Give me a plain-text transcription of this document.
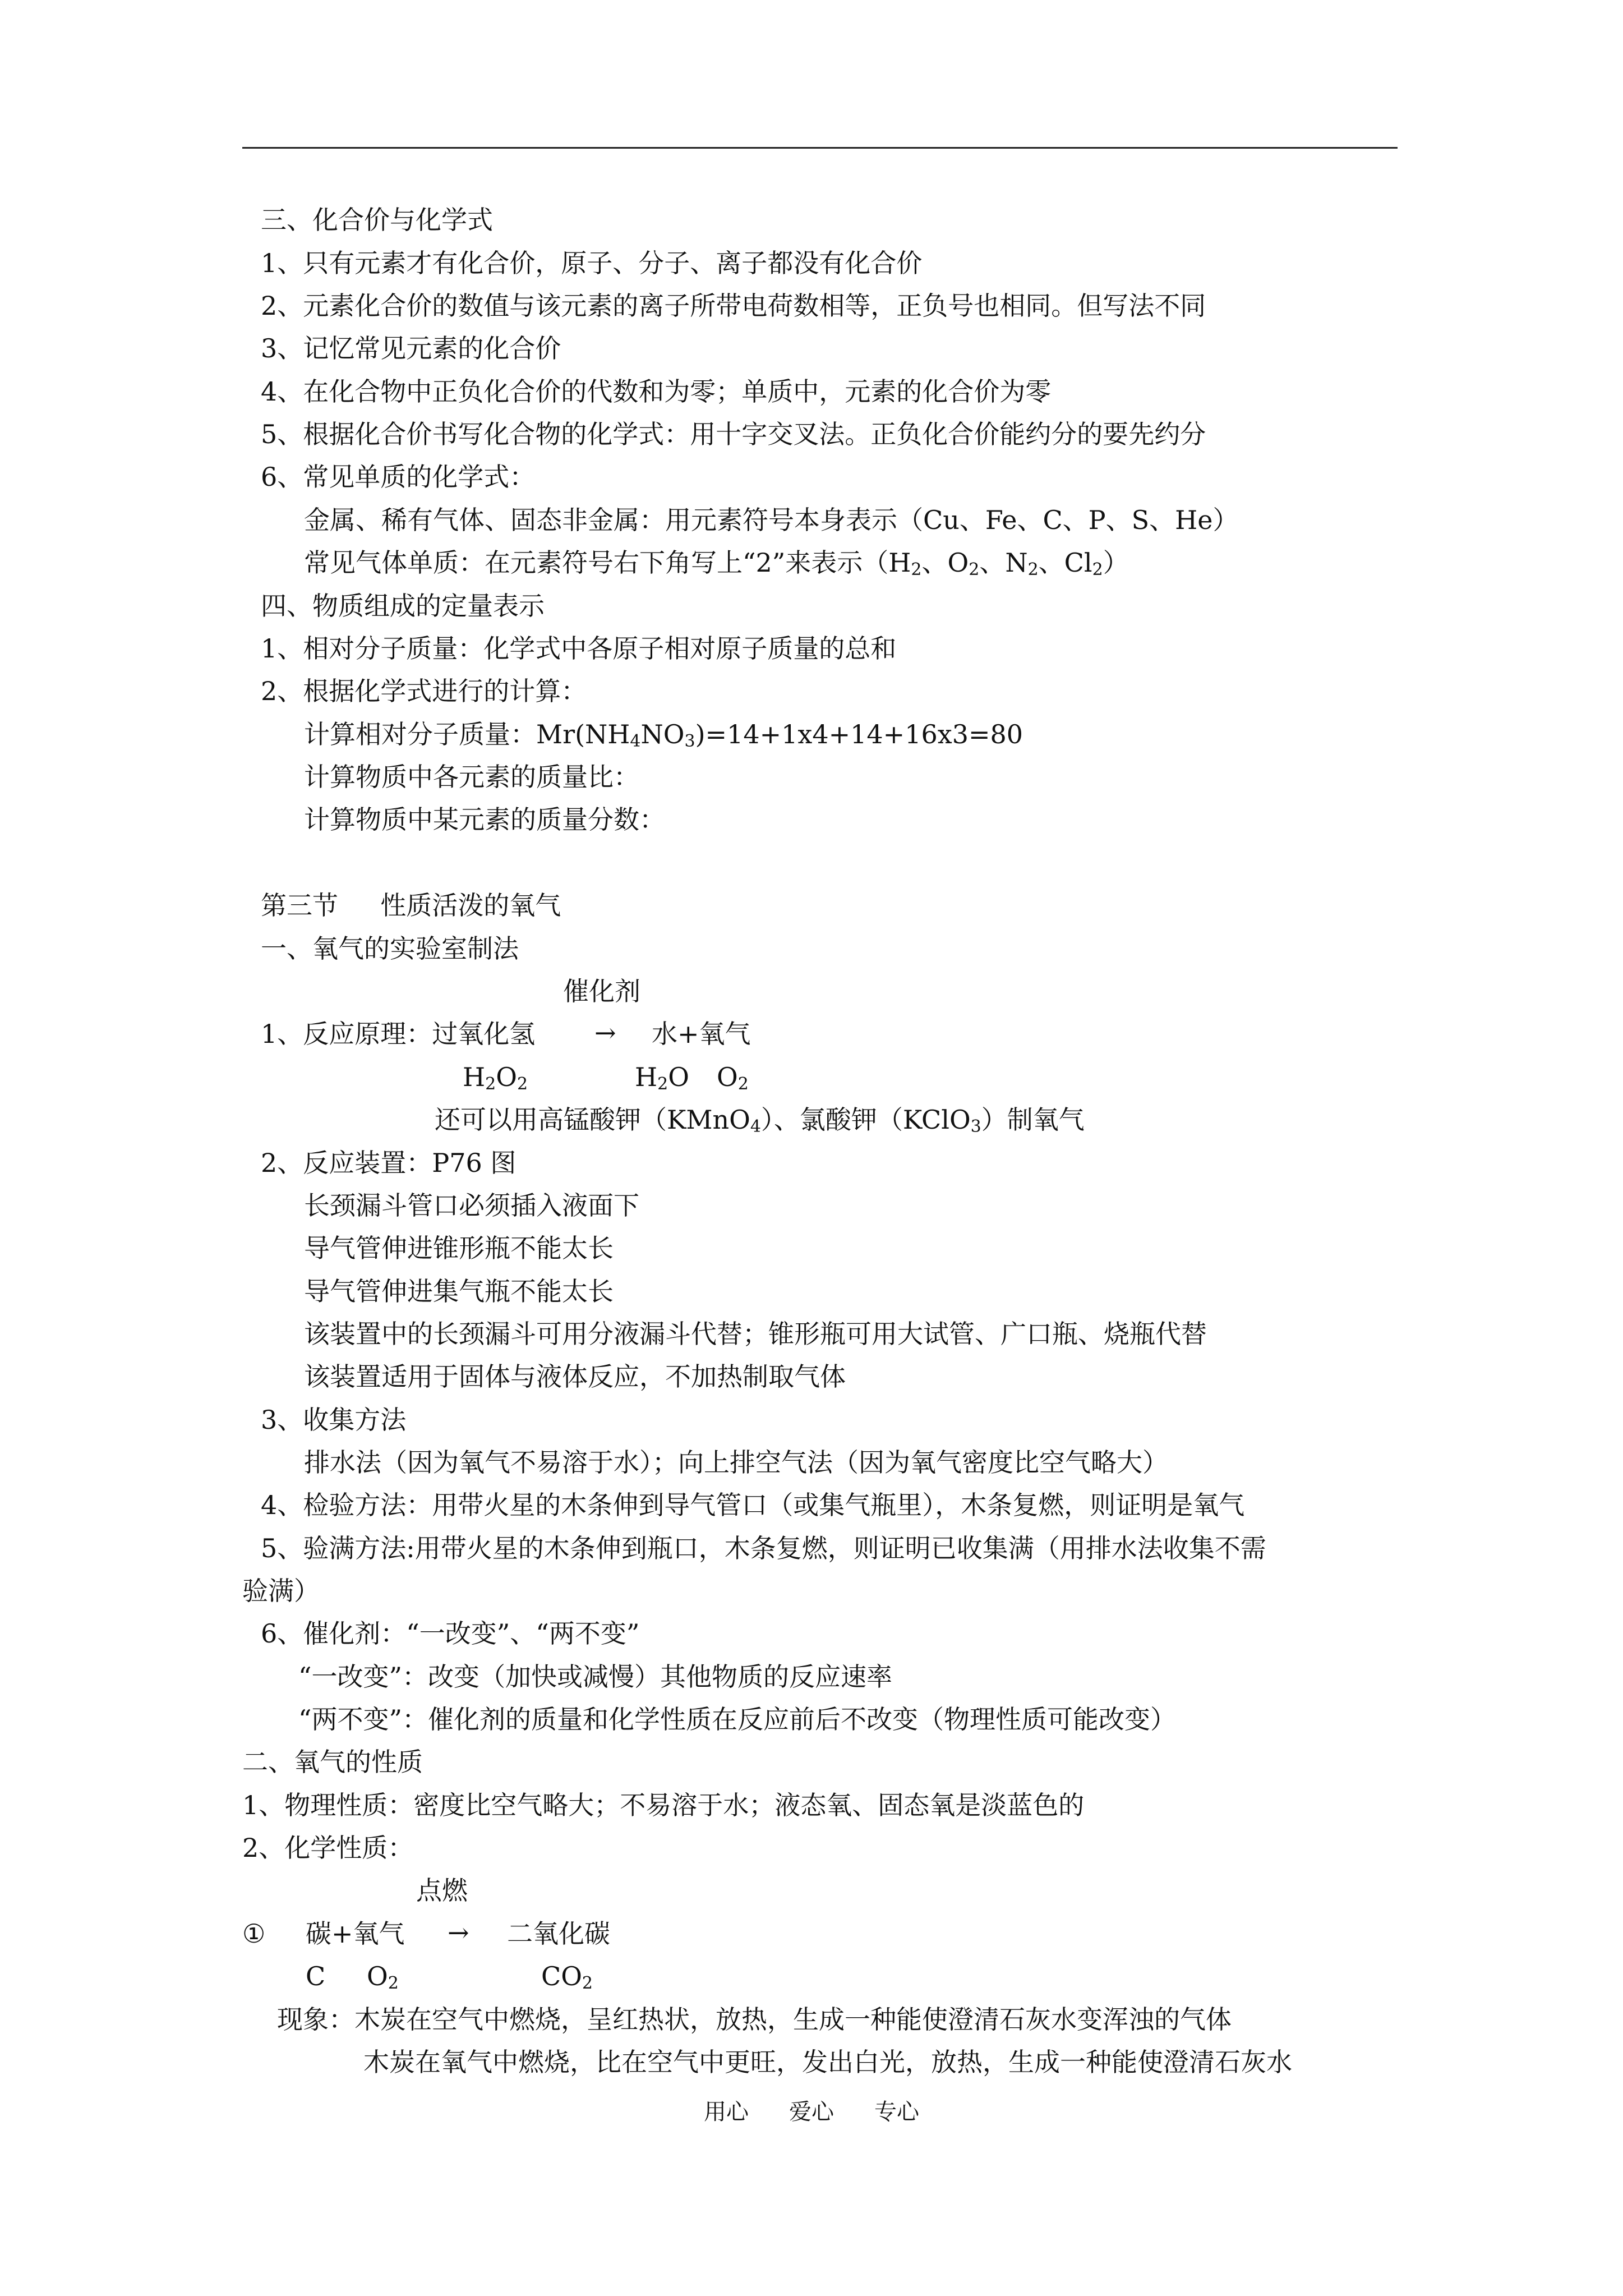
三、化合价与化学式
1、只有元素才有化合价，原子、分子、离子都没有化合价
2、元素化合价的数值与该元素的离子所带电荷数相等，正负号也相同。但写法不同
3、记忆常见元素的化合价
4、在化合物中正负化合价的代数和为零；单质中，元素的化合价为零
5、根据化合价书写化合物的化学式：用十字交叉法。正负化合价能约分的要先约分
6、常见单质的化学式：
金属、稀有气体、固态非金属：用元素符号本身表示（Cu、Fe、C、P、S、He）
常见气体单质：在元素符号右下角写上“2”来表示（$H_2$、$O_2$、$N_2$、$Cl_2$）
四、物质组成的定量表示
1、相对分子质量：化学式中各原子相对原子质量的总和
2、根据化学式进行的计算：
计算相对分子质量：$Mr(NH_4NO_3)=14+1x4+14+16x3=80$
计算物质中各元素的质量比：
计算物质中某元素的质量分数：
第三节 　 性质活泼的氧气
一、氧气的实验室制法
催化剂
1、反应原理：过氧化氢 → 水+氧气
$H_2O_2$	$H_2O$ $O_2$
还可以用高锰酸钾（KMnO$_4$）、氯酸钾（KClO$_3$）制氧气
2、反应装置：P76 图
长颈漏斗管口必须插入液面下
导气管伸进锥形瓶不能太长
导气管伸进集气瓶不能太长
该装置中的长颈漏斗可用分液漏斗代替；锥形瓶可用大试管、广口瓶、烧瓶代替
该装置适用于固体与液体反应，不加热制取气体
3、收集方法
排水法（因为氧气不易溶于水）；向上排空气法（因为氧气密度比空气略大）
4、检验方法：用带火星的木条伸到导气管口（或集气瓶里），木条复燃，则证明是氧气
5、验满方法:用带火星的木条伸到瓶口，木条复燃，则证明已收集满（用排水法收集不需
验满）
6、催化剂：“一改变”、“两不变”
“一改变”：改变（加快或减慢）其他物质的反应速率
“两不变”：催化剂的质量和化学性质在反应前后不改变（物理性质可能改变）
二、氧气的性质
1、物理性质：密度比空气略大；不易溶于水；液态氧、固态氧是淡蓝色的
2、化学性质：
点燃
① 碳+氧气 → 二氧化碳
C $O_2$	$CO_2$
现象：木炭在空气中燃烧，呈红热状，放热，生成一种能使澄清石灰水变浑浊的气体
木炭在氧气中燃烧，比在空气中更旺，发出白光，放热，生成一种能使澄清石灰水
用心 爱心 专心
